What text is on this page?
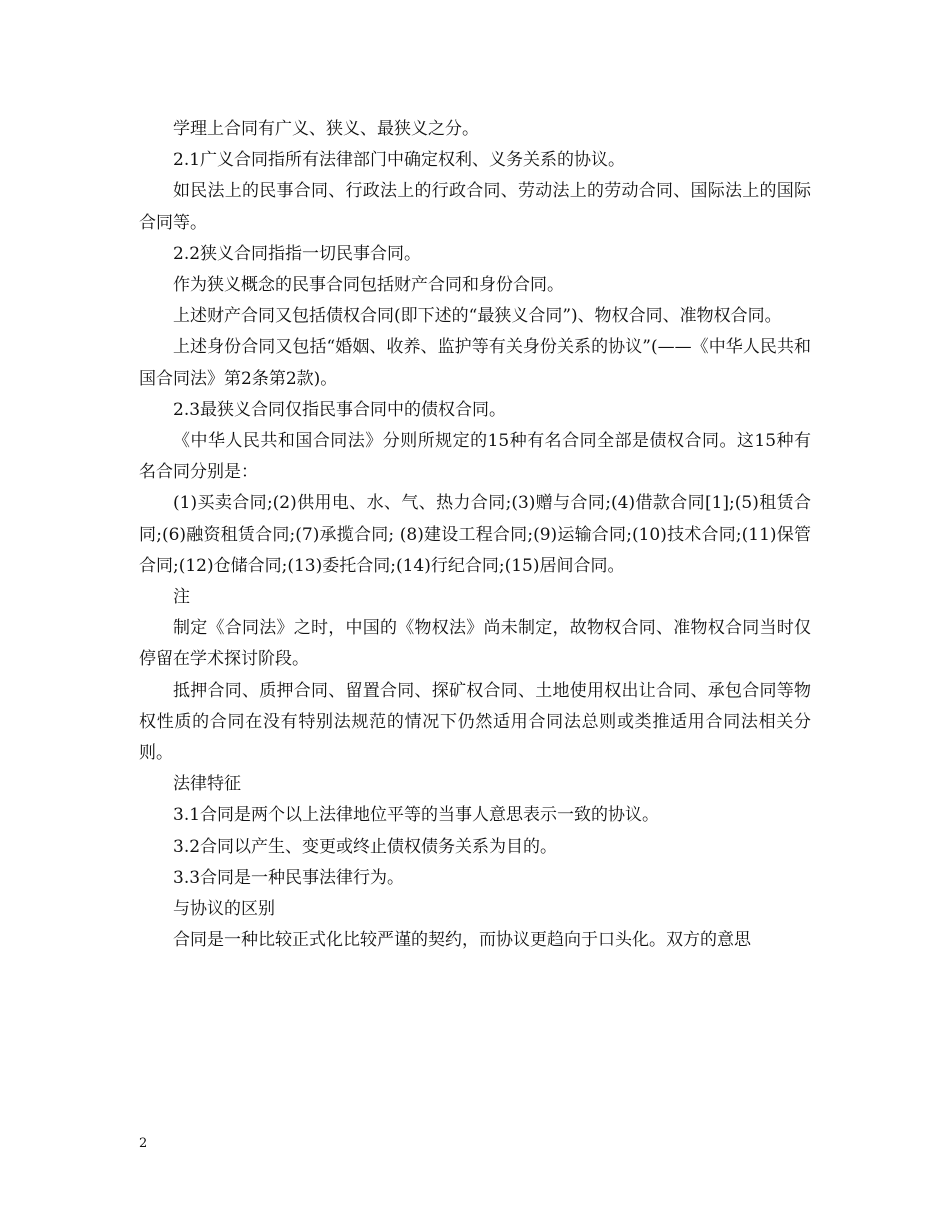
学理上合同有广义、狭义、最狭义之分。

2.1广义合同指所有法律部门中确定权利、义务关系的协议。

如民法上的民事合同、行政法上的行政合同、劳动法上的劳动合同、国际法上的国际合同等。

2.2狭义合同指指一切民事合同。

作为狭义概念的民事合同包括财产合同和身份合同。

上述财产合同又包括债权合同(即下述的“最狭义合同”)、物权合同、准物权合同。

上述身份合同又包括“婚姻、收养、监护等有关身份关系的协议”(——《中华人民共和国合同法》第2条第2款)。

2.3最狭义合同仅指民事合同中的债权合同。

《中华人民共和国合同法》分则所规定的15种有名合同全部是债权合同。这15种有名合同分别是：

(1)买卖合同;(2)供用电、水、气、热力合同;(3)赠与合同;(4)借款合同[1];(5)租赁合同;(6)融资租赁合同;(7)承揽合同; (8)建设工程合同;(9)运输合同;(10)技术合同;(11)保管合同;(12)仓储合同;(13)委托合同;(14)行纪合同;(15)居间合同。

注

制定《合同法》之时，中国的《物权法》尚未制定，故物权合同、准物权合同当时仅停留在学术探讨阶段。

抵押合同、质押合同、留置合同、探矿权合同、土地使用权出让合同、承包合同等物权性质的合同在没有特别法规范的情况下仍然适用合同法总则或类推适用合同法相关分则。

法律特征

3.1合同是两个以上法律地位平等的当事人意思表示一致的协议。

3.2合同以产生、变更或终止债权债务关系为目的。

3.3合同是一种民事法律行为。

与协议的区别

合同是一种比较正式化比较严谨的契约，而协议更趋向于口头化。双方的意思

2
